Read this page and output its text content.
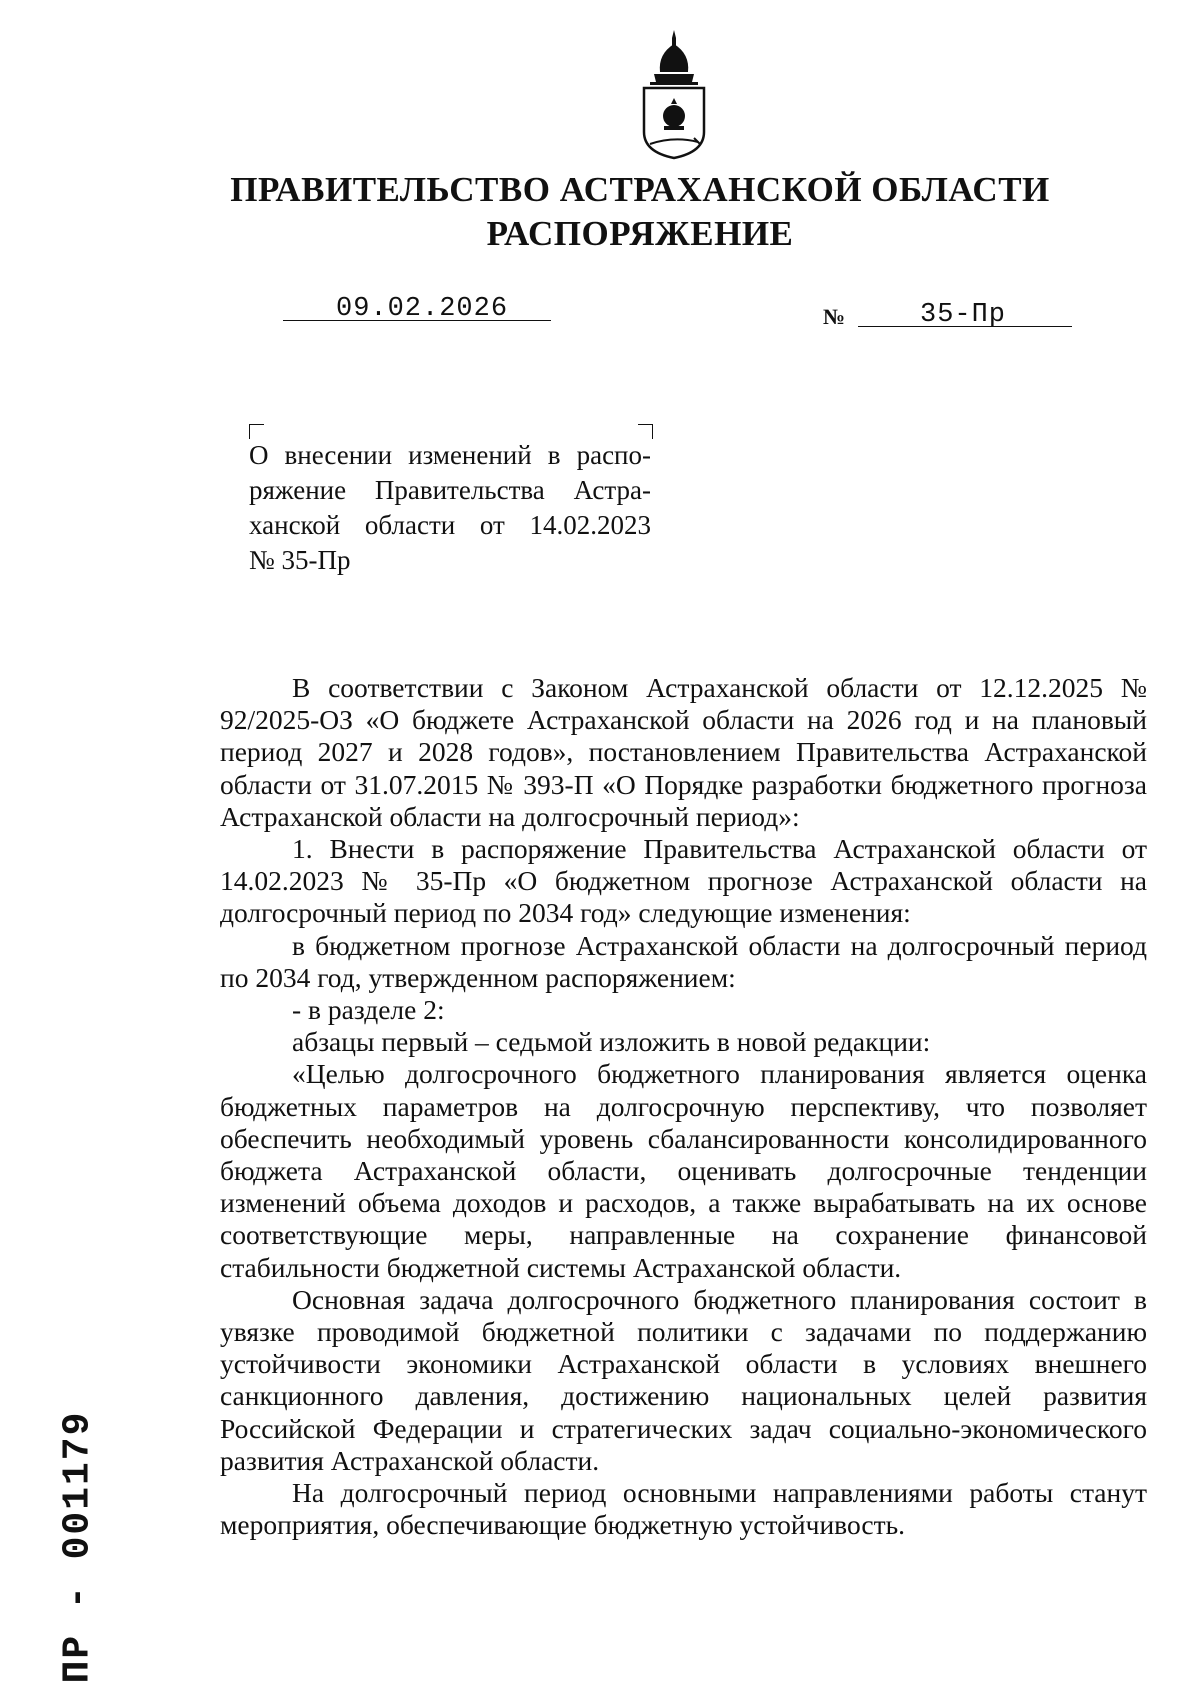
ПРАВИТЕЛЬСТВО АСТРАХАНСКОЙ ОБЛАСТИ
РАСПОРЯЖЕНИЕ
09.02.2026	№	35-Пр
О внесении изменений в распо-
ряжение Правительства Астра-
ханской области от 14.02.2023
№ 35-Пр

В соответствии с Законом Астраханской области от 12.12.2025 № 92/2025-ОЗ «О бюджете Астраханской области на 2026 год и на плановый период 2027 и 2028 годов», постановлением Правительства Астраханской области от 31.07.2015 № 393-П «О Порядке разработки бюджетного прогноза Астраханской области на долгосрочный период»:

1. Внести в распоряжение Правительства Астраханской области от 14.02.2023 № 35-Пр «О бюджетном прогнозе Астраханской области на долгосрочный период по 2034 год» следующие изменения:

в бюджетном прогнозе Астраханской области на долгосрочный период по 2034 год, утвержденном распоряжением:

- в разделе 2:

абзацы первый – седьмой изложить в новой редакции:

«Целью долгосрочного бюджетного планирования является оценка бюджетных параметров на долгосрочную перспективу, что позволяет обеспечить необходимый уровень сбалансированности консолидированного бюджета Астраханской области, оценивать долгосрочные тенденции изменений объема доходов и расходов, а также вырабатывать на их основе соответствующие меры, направленные на сохранение финансовой стабильности бюджетной системы Астраханской области.

Основная задача долгосрочного бюджетного планирования состоит в увязке проводимой бюджетной политики с задачами по поддержанию устойчивости экономики Астраханской области в условиях внешнего санкционного давления, достижению национальных целей развития Российской Федерации и стратегических задач социально-экономического развития Астраханской области.

На долгосрочный период основными направлениями работы станут мероприятия, обеспечивающие бюджетную устойчивость.

ПР - 001179
